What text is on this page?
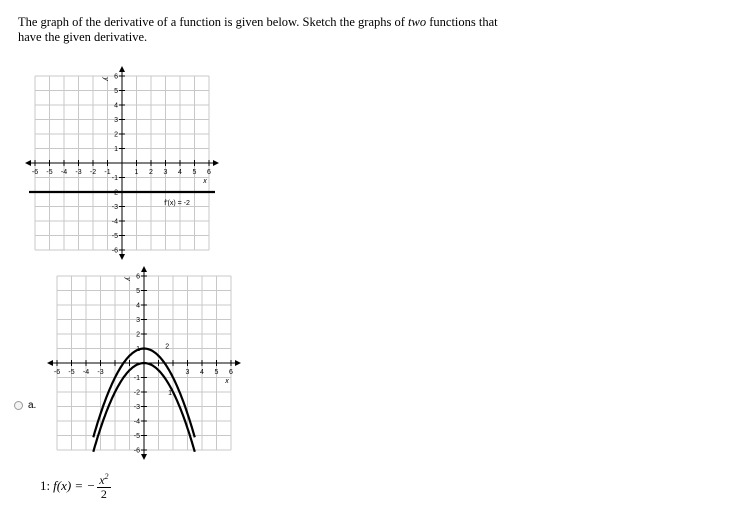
The graph of the derivative of a function is given below. Sketch the graphs of two functions that have the given derivative.
-6 -5 -4 -3 -2 -1	1 2 3 4 5 6
6
5
4
3
2
1
-1
-2
-3
-4
-5
-6
x
y
f'(x) = -2
-6 -5 -4 -3	3 4 5 6
6
5
4
3
2
1
-1
-2
-3
-4
-5
-6
x
y
2
1
a.
1: f(x) = − $\frac{x^2}{2}$
